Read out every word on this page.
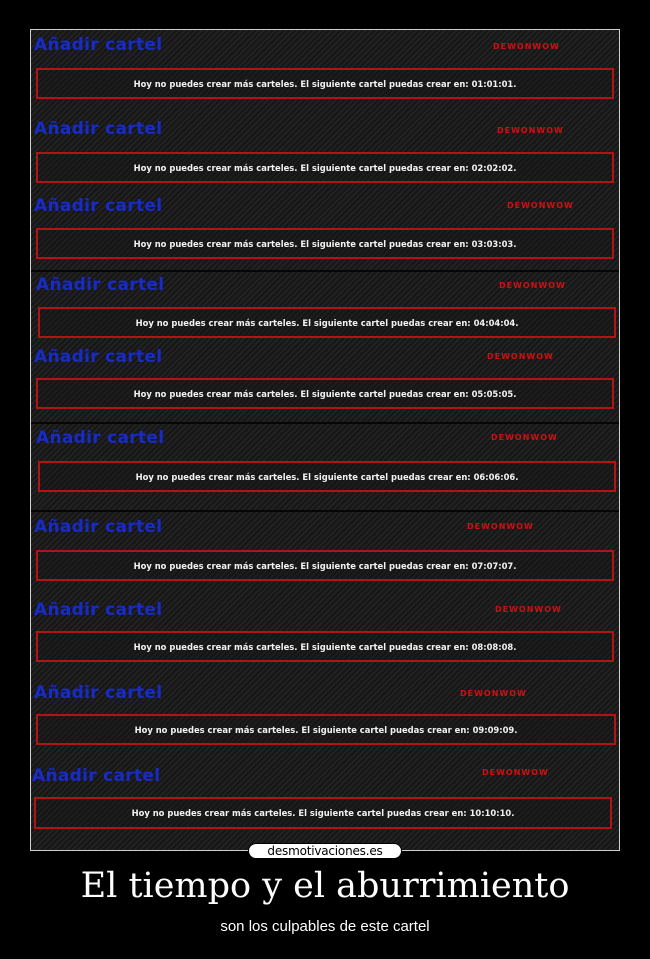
Añadir cartel	DEWONWOW
Hoy no puedes crear más carteles. El siguiente cartel puedas crear en: 01:01:01.
Añadir cartel	DEWONWOW
Hoy no puedes crear más carteles. El siguiente cartel puedas crear en: 02:02:02.
Añadir cartel	DEWONWOW
Hoy no puedes crear más carteles. El siguiente cartel puedas crear en: 03:03:03.
Añadir cartel	DEWONWOW
Hoy no puedes crear más carteles. El siguiente cartel puedas crear en: 04:04:04.
Añadir cartel	DEWONWOW
Hoy no puedes crear más carteles. El siguiente cartel puedas crear en: 05:05:05.
Añadir cartel	DEWONWOW
Hoy no puedes crear más carteles. El siguiente cartel puedas crear en: 06:06:06.
Añadir cartel	DEWONWOW
Hoy no puedes crear más carteles. El siguiente cartel puedas crear en: 07:07:07.
Añadir cartel	DEWONWOW
Hoy no puedes crear más carteles. El siguiente cartel puedas crear en: 08:08:08.
Añadir cartel	DEWONWOW
Hoy no puedes crear más carteles. El siguiente cartel puedas crear en: 09:09:09.
Añadir cartel	DEWONWOW
Hoy no puedes crear más carteles. El siguiente cartel puedas crear en: 10:10:10.
desmotivaciones.es
El tiempo y el aburrimiento
son los culpables de este cartel
